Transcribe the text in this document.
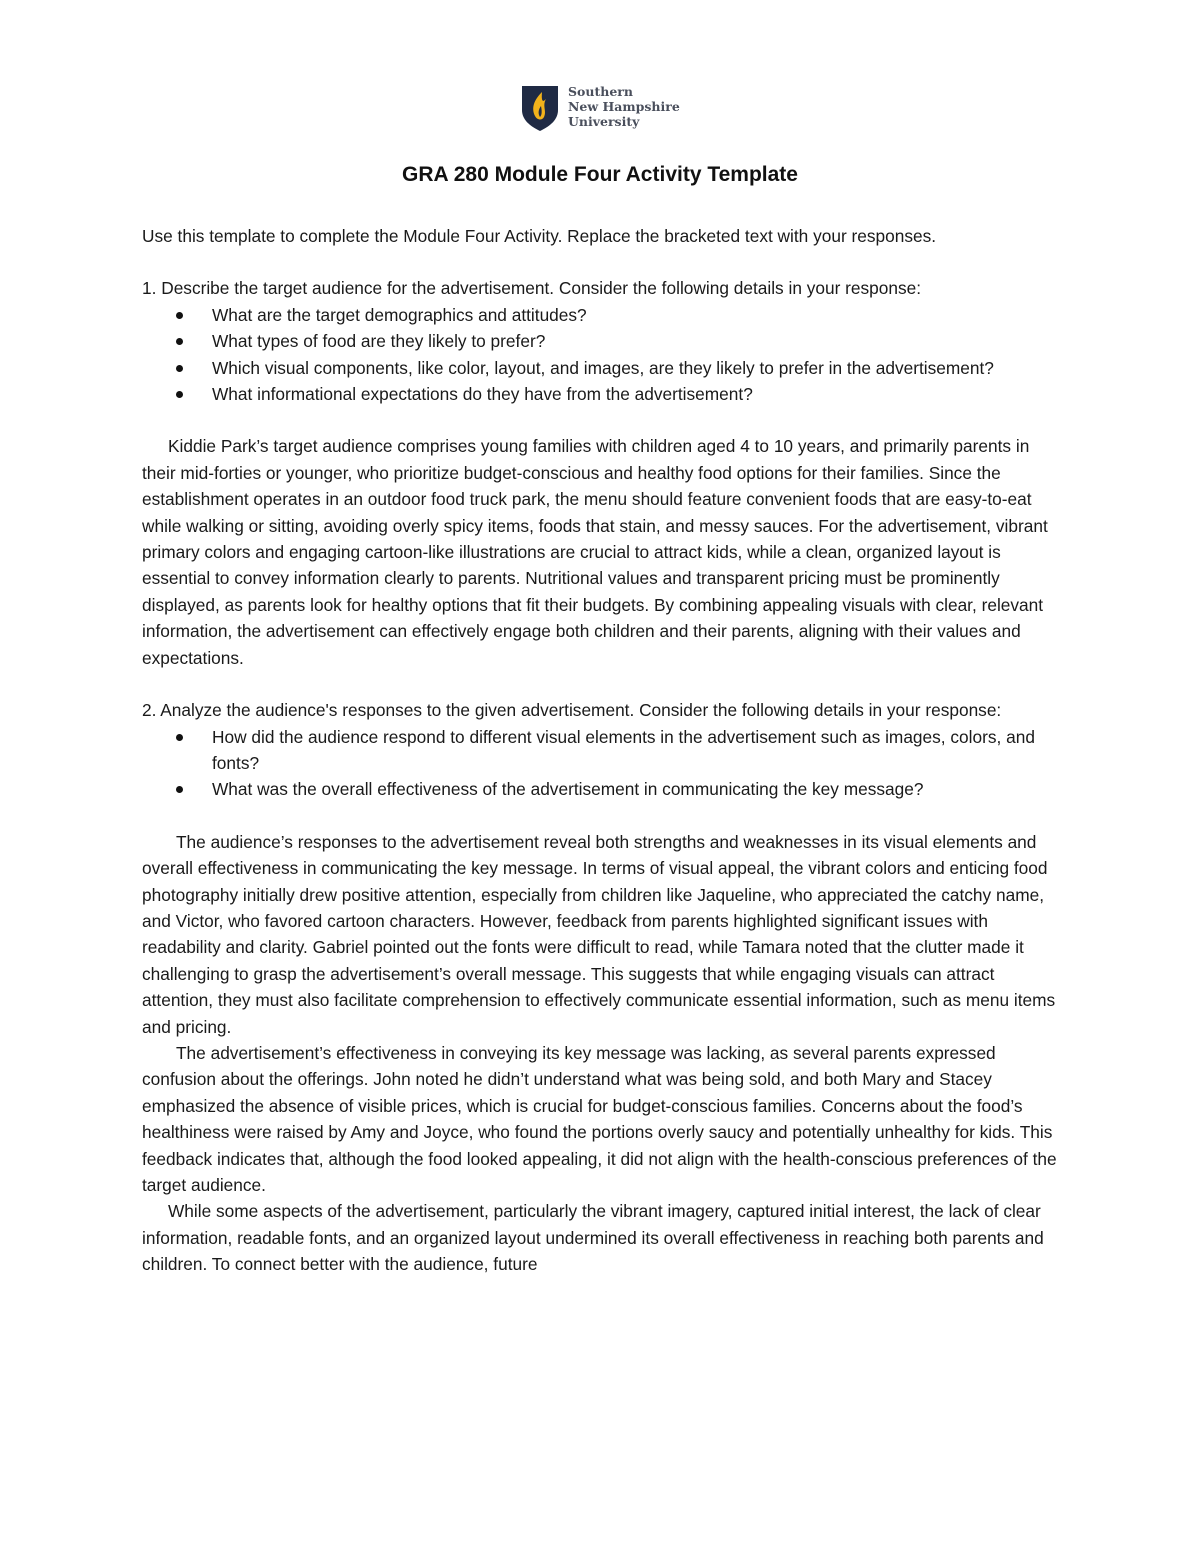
Southern
New Hampshire
University
GRA 280 Module Four Activity Template

Use this template to complete the Module Four Activity. Replace the bracketed text with your responses.

1. Describe the target audience for the advertisement. Consider the following details in your response:

What are the target demographics and attitudes?
What types of food are they likely to prefer?
Which visual components, like color, layout, and images, are they likely to prefer in the advertisement?
What informational expectations do they have from the advertisement?

Kiddie Park’s target audience comprises young families with children aged 4 to 10 years, and primarily parents in their mid-forties or younger, who prioritize budget-conscious and healthy food options for their families. Since the establishment operates in an outdoor food truck park, the menu should feature convenient foods that are easy-to-eat while walking or sitting, avoiding overly spicy items, foods that stain, and messy sauces. For the advertisement, vibrant primary colors and engaging cartoon-like illustrations are crucial to attract kids, while a clean, organized layout is essential to convey information clearly to parents. Nutritional values and transparent pricing must be prominently displayed, as parents look for healthy options that fit their budgets. By combining appealing visuals with clear, relevant information, the advertisement can effectively engage both children and their parents, aligning with their values and expectations.

2. Analyze the audience's responses to the given advertisement. Consider the following details in your response:

How did the audience respond to different visual elements in the advertisement such as images, colors, and fonts?
What was the overall effectiveness of the advertisement in communicating the key message?

The audience’s responses to the advertisement reveal both strengths and weaknesses in its visual elements and overall effectiveness in communicating the key message. In terms of visual appeal, the vibrant colors and enticing food photography initially drew positive attention, especially from children like Jaqueline, who appreciated the catchy name, and Victor, who favored cartoon characters. However, feedback from parents highlighted significant issues with readability and clarity. Gabriel pointed out the fonts were difficult to read, while Tamara noted that the clutter made it challenging to grasp the advertisement’s overall message. This suggests that while engaging visuals can attract attention, they must also facilitate comprehension to effectively communicate essential information, such as menu items and pricing.

The advertisement’s effectiveness in conveying its key message was lacking, as several parents expressed confusion about the offerings. John noted he didn’t understand what was being sold, and both Mary and Stacey emphasized the absence of visible prices, which is crucial for budget-conscious families. Concerns about the food’s healthiness were raised by Amy and Joyce, who found the portions overly saucy and potentially unhealthy for kids. This feedback indicates that, although the food looked appealing, it did not align with the health-conscious preferences of the target audience.

While some aspects of the advertisement, particularly the vibrant imagery, captured initial interest, the lack of clear information, readable fonts, and an organized layout undermined its overall effectiveness in reaching both parents and children. To connect better with the audience, future
